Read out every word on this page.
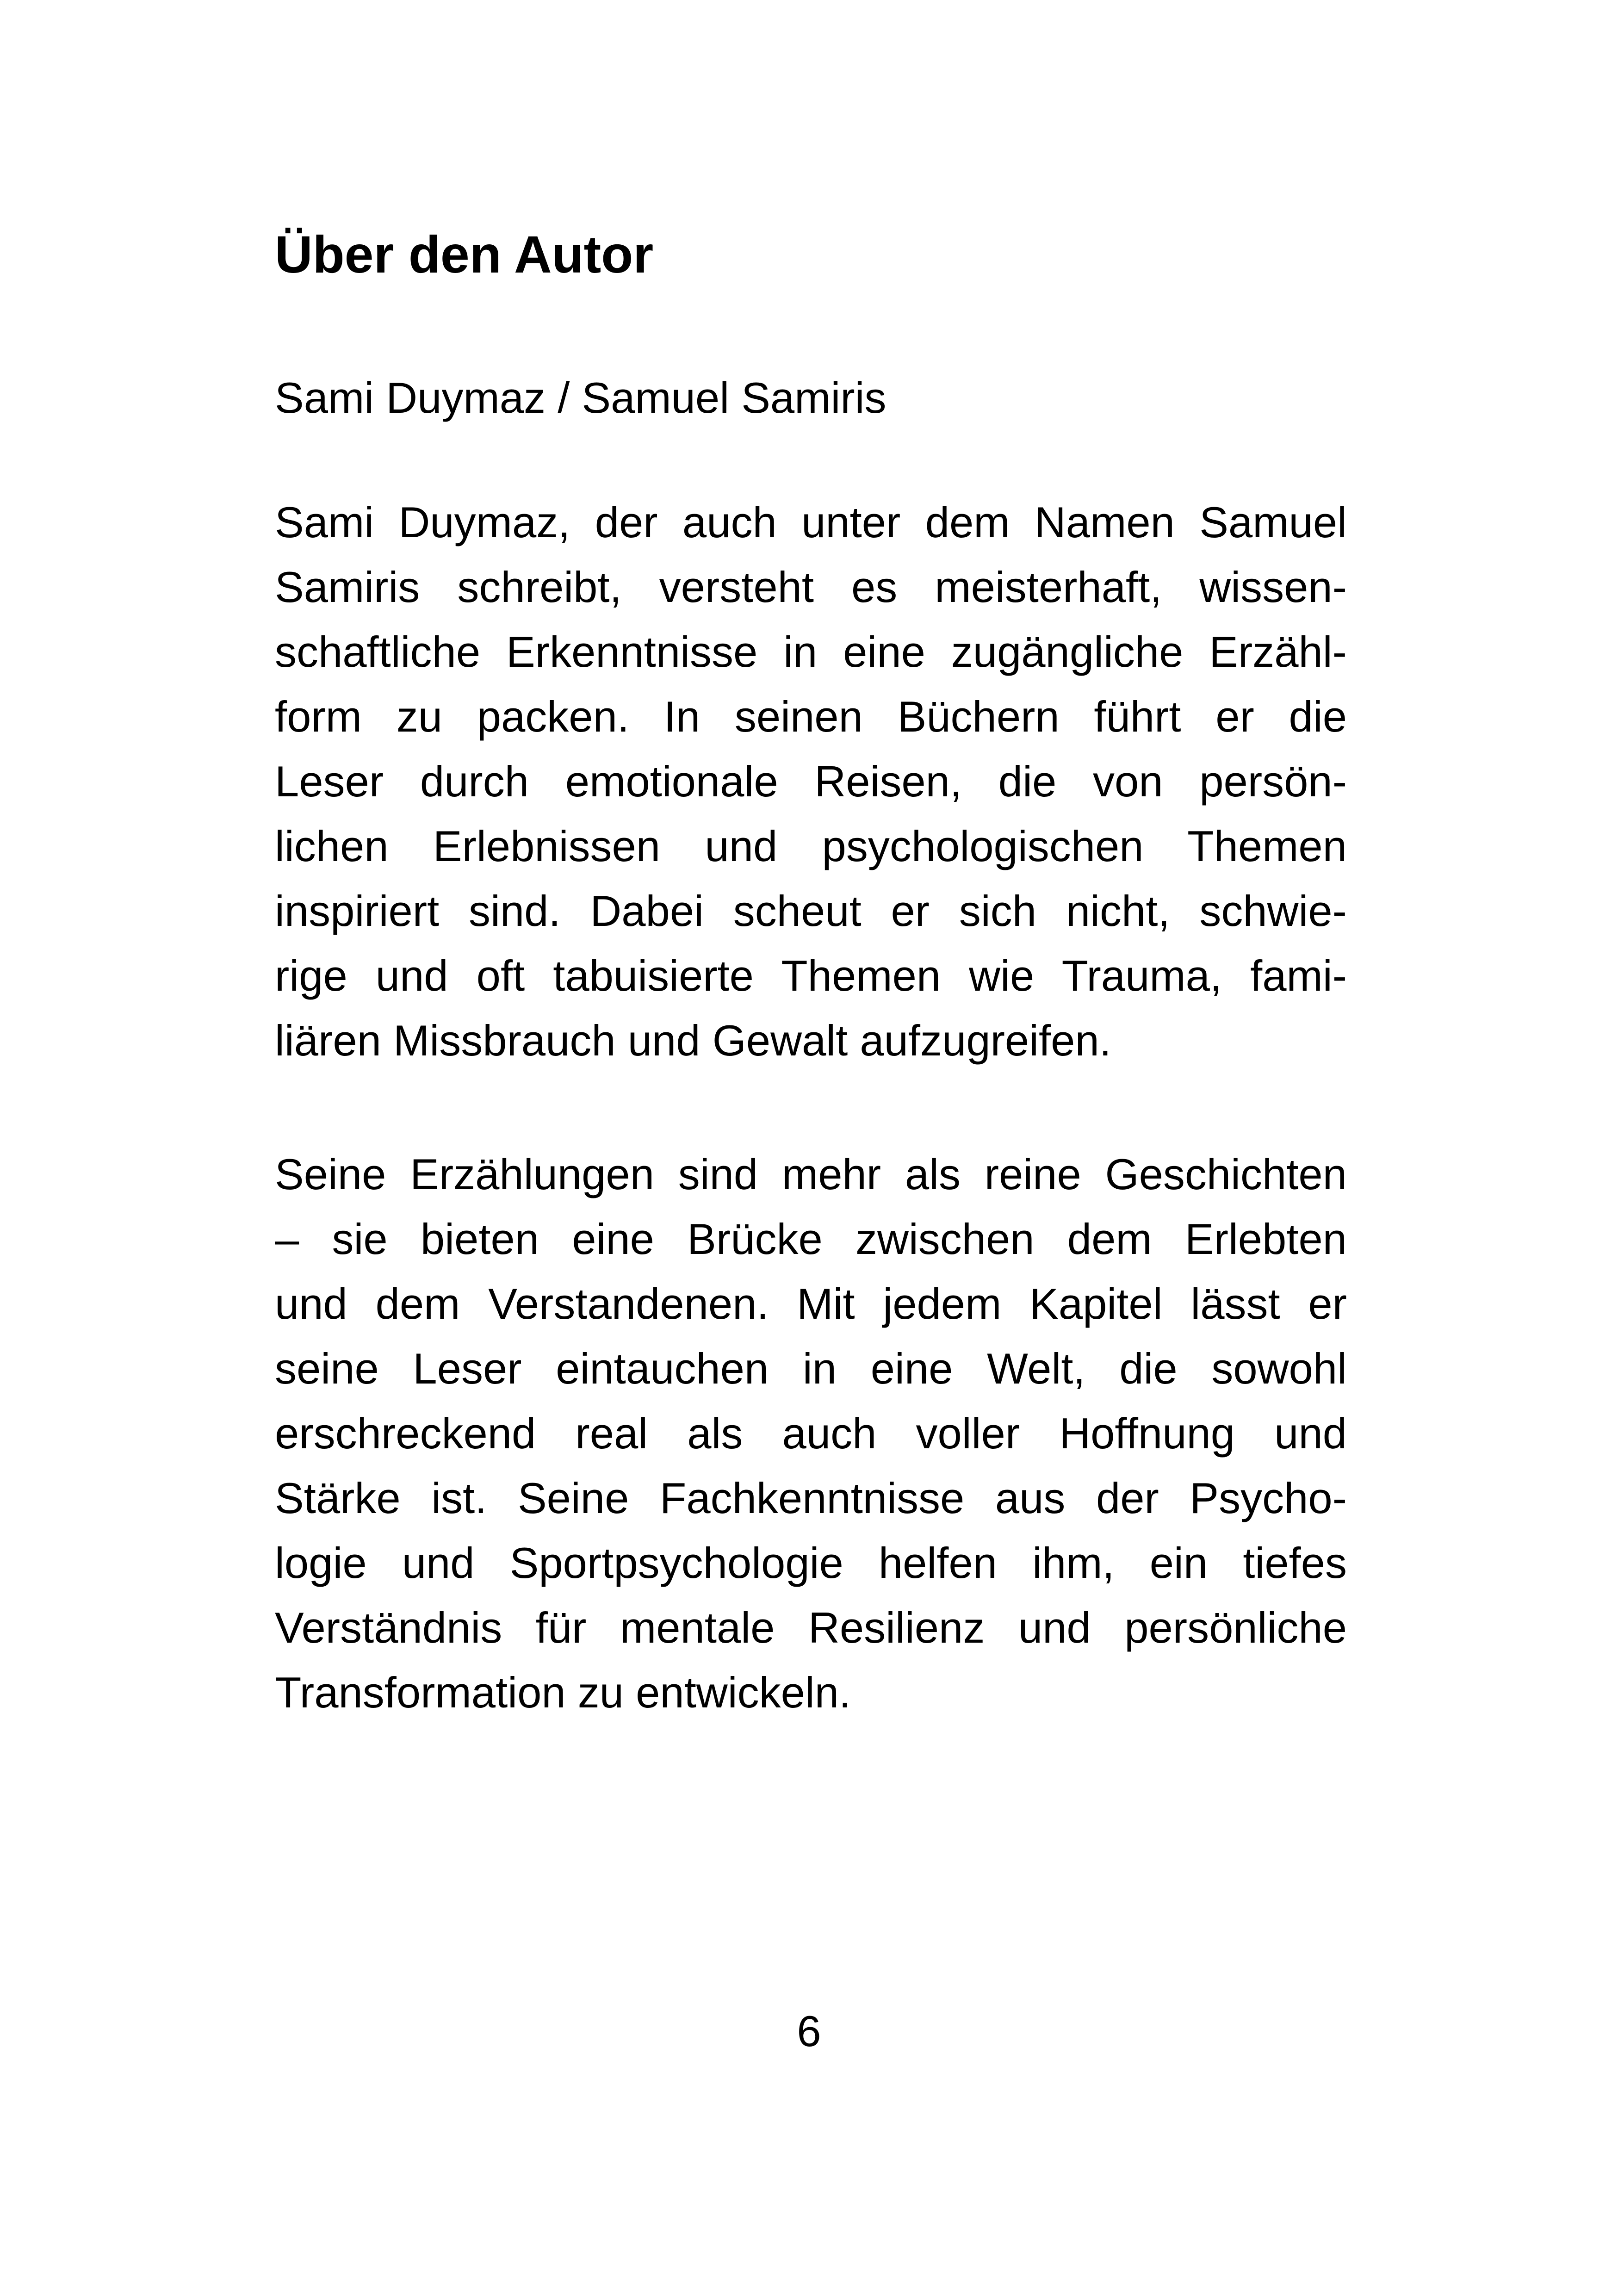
Über den Autor

Sami Duymaz / Samuel Samiris

Sami Duymaz, der auch unter dem Namen Samuel

Samiris schreibt, versteht es meisterhaft, wissen-

schaftliche Erkenntnisse in eine zugängliche Erzähl-

form zu packen. In seinen Büchern führt er die

Leser durch emotionale Reisen, die von persön-

lichen Erlebnissen und psychologischen Themen

inspiriert sind. Dabei scheut er sich nicht, schwie-

rige und oft tabuisierte Themen wie Trauma, fami-

liären Missbrauch und Gewalt aufzugreifen.

Seine Erzählungen sind mehr als reine Geschichten

– sie bieten eine Brücke zwischen dem Erlebten

und dem Verstandenen. Mit jedem Kapitel lässt er

seine Leser eintauchen in eine Welt, die sowohl

erschreckend real als auch voller Hoffnung und

Stärke ist. Seine Fachkenntnisse aus der Psycho-

logie und Sportpsychologie helfen ihm, ein tiefes

Verständnis für mentale Resilienz und persönliche

Transformation zu entwickeln.

6
